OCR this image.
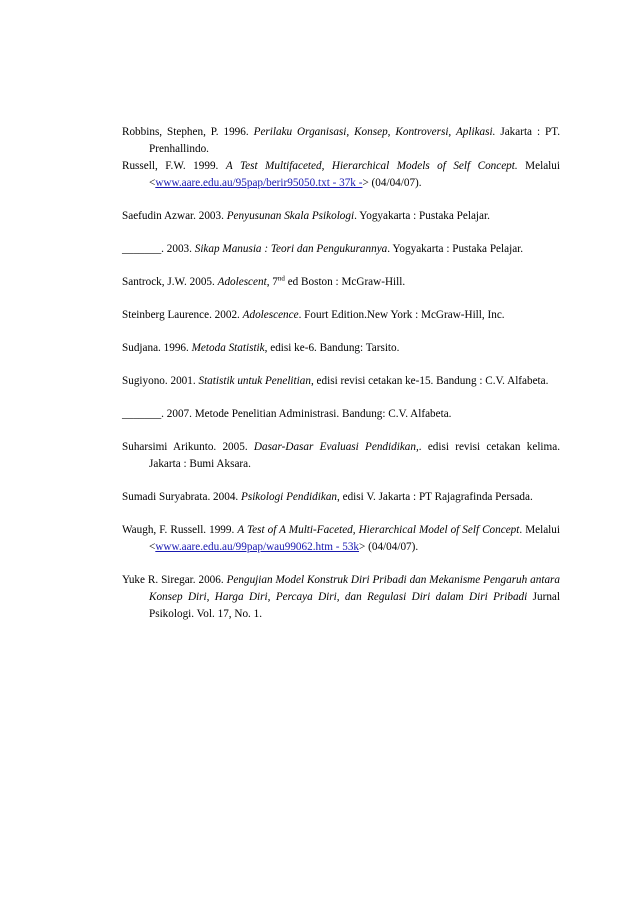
Robbins, Stephen, P. 1996. Perilaku Organisasi, Konsep, Kontroversi, Aplikasi. Jakarta : PT. Prenhallindo.

Russell, F.W. 1999. A Test Multifaceted, Hierarchical Models of Self Concept. Melalui <www.aare.edu.au/95pap/berir95050.txt - 37k -> (04/04/07).

Saefudin Azwar. 2003. Penyusunan Skala Psikologi. Yogyakarta : Pustaka Pelajar.

_______. 2003. Sikap Manusia : Teori dan Pengukurannya. Yogyakarta : Pustaka Pelajar.

Santrock, J.W. 2005. Adolescent, 7nd ed Boston : McGraw-Hill.

Steinberg Laurence. 2002. Adolescence. Fourt Edition.New York : McGraw-Hill, Inc.

Sudjana. 1996. Metoda Statistik, edisi ke-6. Bandung: Tarsito.

Sugiyono. 2001. Statistik untuk Penelitian, edisi revisi cetakan ke-15. Bandung : C.V. Alfabeta.

_______. 2007. Metode Penelitian Administrasi. Bandung: C.V. Alfabeta.

Suharsimi Arikunto. 2005. Dasar-Dasar Evaluasi Pendidikan,. edisi revisi cetakan kelima. Jakarta : Bumi Aksara.

Sumadi Suryabrata. 2004. Psikologi Pendidikan, edisi V. Jakarta : PT Rajagrafinda Persada.

Waugh, F. Russell. 1999. A Test of A Multi-Faceted, Hierarchical Model of Self Concept. Melalui <www.aare.edu.au/99pap/wau99062.htm - 53k> (04/04/07).

Yuke R. Siregar. 2006. Pengujian Model Konstruk Diri Pribadi dan Mekanisme Pengaruh antara Konsep Diri, Harga Diri, Percaya Diri, dan Regulasi Diri dalam Diri Pribadi Jurnal Psikologi. Vol. 17, No. 1.
